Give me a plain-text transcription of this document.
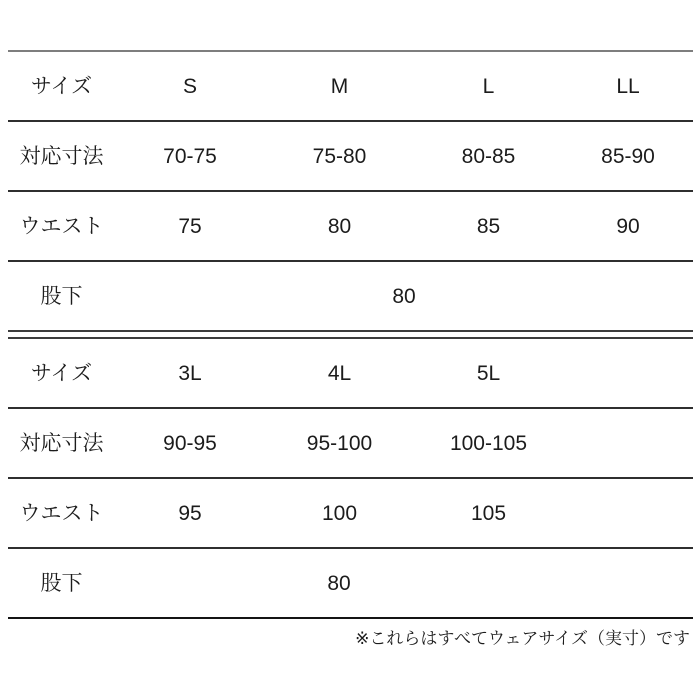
サイズ	S	M	L	LL
対応寸法	70-75	75-80	80-85	85-90
ウエスト	75	80	85	90
股下	80
サイズ	3L	4L	5L
対応寸法	90-95	95-100	100-105
ウエスト	95	100	105
股下	80
※これらはすべてウェアサイズ（実寸）です
